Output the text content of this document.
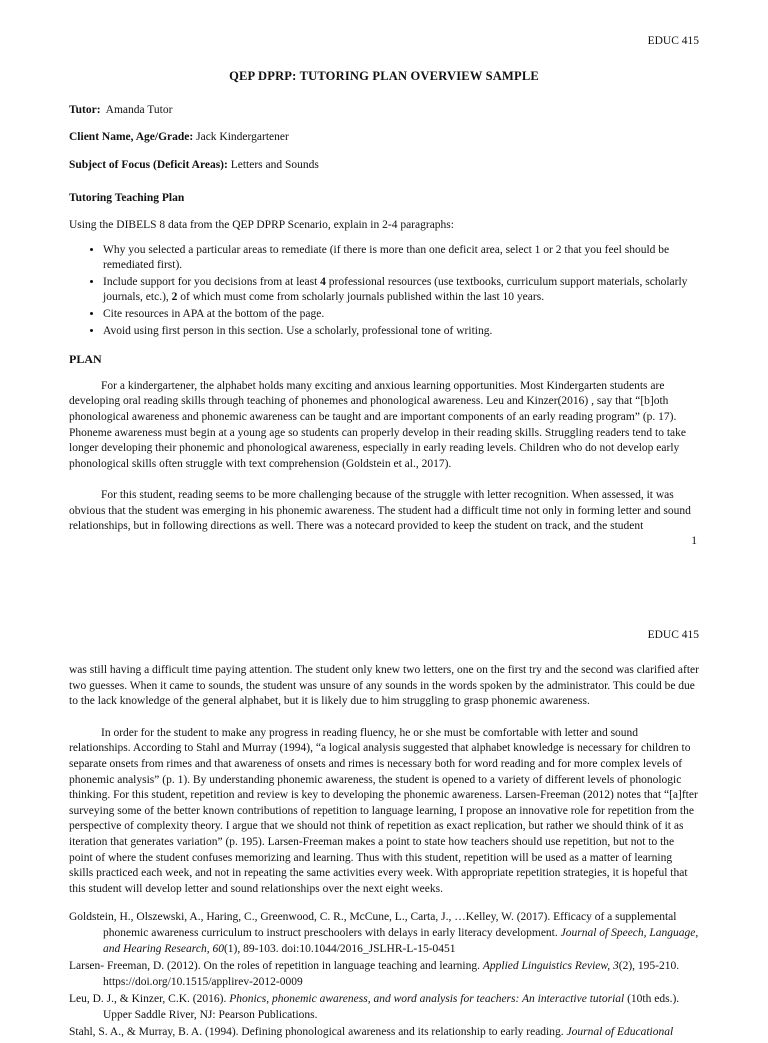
EDUC 415
QEP DPRP: TUTORING PLAN OVERVIEW SAMPLE
Tutor: Amanda Tutor
Client Name, Age/Grade: Jack Kindergartener
Subject of Focus (Deficit Areas): Letters and Sounds
Tutoring Teaching Plan
Using the DIBELS 8 data from the QEP DPRP Scenario, explain in 2-4 paragraphs:
• Why you selected a particular areas to remediate (if there is more than one deficit area, select 1 or 2 that you feel should be remediated first).
• Include support for you decisions from at least 4 professional resources (use textbooks, curriculum support materials, scholarly journals, etc.), 2 of which must come from scholarly journals published within the last 10 years.
• Cite resources in APA at the bottom of the page.
• Avoid using first person in this section. Use a scholarly, professional tone of writing.
PLAN

For a kindergartener, the alphabet holds many exciting and anxious learning opportunities. Most Kindergarten students are developing oral reading skills through teaching of phonemes and phonological awareness. Leu and Kinzer(2016) , say that “[b]oth phonological awareness and phonemic awareness can be taught and are important components of an early reading program” (p. 17). Phoneme awareness must begin at a young age so students can properly develop in their reading skills. Struggling readers tend to take longer developing their phonemic and phonological awareness, especially in early reading levels. Children who do not develop early phonological skills often struggle with text comprehension (Goldstein et al., 2017).

For this student, reading seems to be more challenging because of the struggle with letter recognition. When assessed, it was obvious that the student was emerging in his phonemic awareness. The student had a difficult time not only in forming letter and sound relationships, but in following directions as well. There was a notecard provided to keep the student on track, and the student

1
EDUC 415

was still having a difficult time paying attention. The student only knew two letters, one on the first try and the second was clarified after two guesses. When it came to sounds, the student was unsure of any sounds in the words spoken by the administrator. This could be due to the lack knowledge of the general alphabet, but it is likely due to him struggling to grasp phonemic awareness.

In order for the student to make any progress in reading fluency, he or she must be comfortable with letter and sound relationships. According to Stahl and Murray (1994), “a logical analysis suggested that alphabet knowledge is necessary for children to separate onsets from rimes and that awareness of onsets and rimes is necessary both for word reading and for more complex levels of phonemic analysis” (p. 1). By understanding phonemic awareness, the student is opened to a variety of different levels of phonologic thinking. For this student, repetition and review is key to developing the phonemic awareness. Larsen-Freeman (2012) notes that “[a]fter surveying some of the better known contributions of repetition to language learning, I propose an innovative role for repetition from the perspective of complexity theory. I argue that we should not think of repetition as exact replication, but rather we should think of it as iteration that generates variation” (p. 195). Larsen-Freeman makes a point to state how teachers should use repetition, but not to the point of where the student confuses memorizing and learning. Thus with this student, repetition will be used as a matter of learning skills practiced each week, and not in repeating the same activities every week. With appropriate repetition strategies, it is hopeful that this student will develop letter and sound relationships over the next eight weeks.

Goldstein, H., Olszewski, A., Haring, C., Greenwood, C. R., McCune, L., Carta, J., …Kelley, W. (2017). Efficacy of a supplemental phonemic awareness curriculum to instruct preschoolers with delays in early literacy development. Journal of Speech, Language, and Hearing Research, 60(1), 89-103. doi:10.1044/2016_JSLHR-L-15-0451
Larsen- Freeman, D. (2012). On the roles of repetition in language teaching and learning. Applied Linguistics Review, 3(2), 195-210. https://doi.org/10.1515/applirev-2012-0009
Leu, D. J., & Kinzer, C.K. (2016). Phonics, phonemic awareness, and word analysis for teachers: An interactive tutorial (10th eds.). Upper Saddle River, NJ: Pearson Publications.
Stahl, S. A., & Murray, B. A. (1994). Defining phonological awareness and its relationship to early reading. Journal of Educational
